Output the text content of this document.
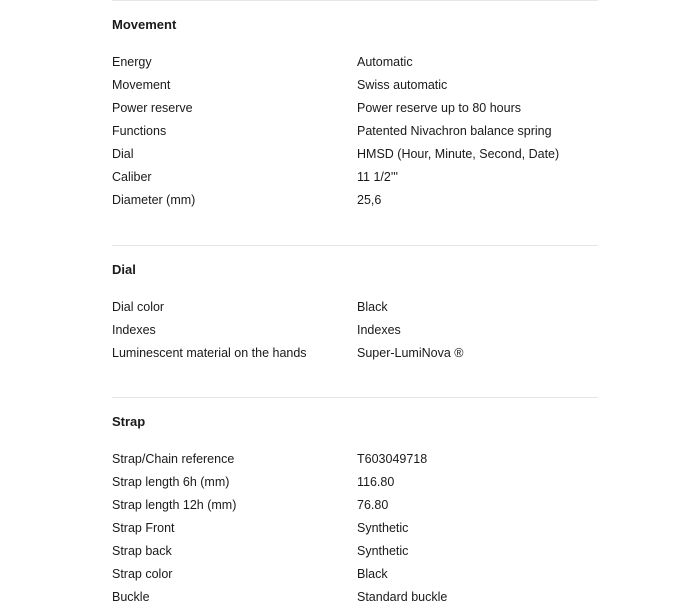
Movement
Energy	Automatic
Movement	Swiss automatic
Power reserve	Power reserve up to 80 hours
Functions	Patented Nivachron balance spring
Dial	HMSD (Hour, Minute, Second, Date)
Caliber	11 1/2'''
Diameter (mm)	25,6
Dial
Dial color	Black
Indexes	Indexes
Luminescent material on the hands	Super-LumiNova ®
Strap
Strap/Chain reference	T603049718
Strap length 6h (mm)	116.80
Strap length 12h (mm)	76.80
Strap Front	Synthetic
Strap back	Synthetic
Strap color	Black
Buckle	Standard buckle
